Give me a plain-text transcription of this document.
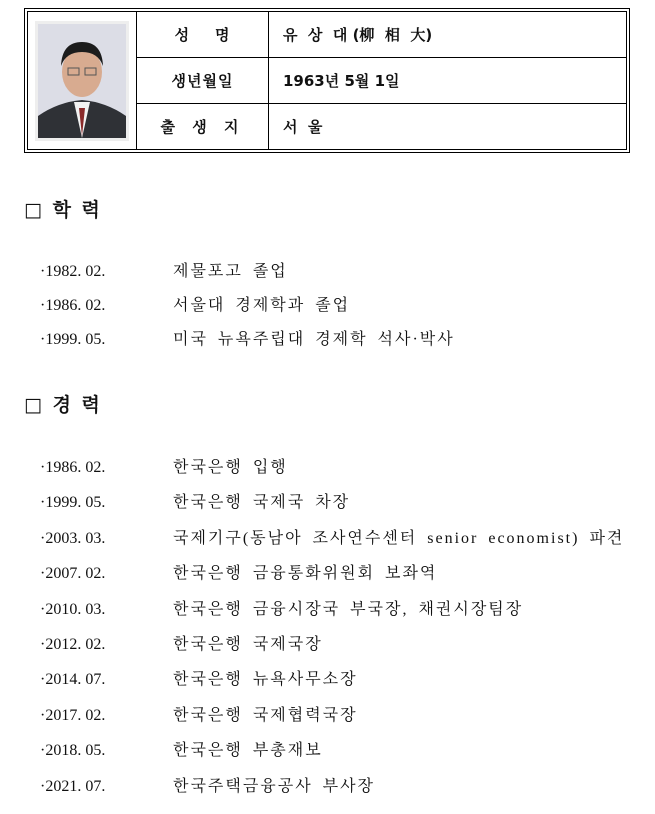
	성    명	유  상  대 (柳  相  大)
	생년월일	1963년 5월 1일
	출 생 지	서  울
□ 학 력
·1982. 02.	제물포고 졸업
·1986. 02.	서울대 경제학과 졸업
·1999. 05.	미국 뉴욕주립대 경제학 석사·박사
□ 경 력
·1986. 02.	한국은행 입행
·1999. 05.	한국은행 국제국 차장
·2003. 03.	국제기구(동남아 조사연수센터 senior economist) 파견
·2007. 02.	한국은행 금융통화위원회 보좌역
·2010. 03.	한국은행 금융시장국 부국장, 채권시장팀장
·2012. 02.	한국은행 국제국장
·2014. 07.	한국은행 뉴욕사무소장
·2017. 02.	한국은행 국제협력국장
·2018. 05.	한국은행 부총재보
·2021. 07.	한국주택금융공사 부사장
